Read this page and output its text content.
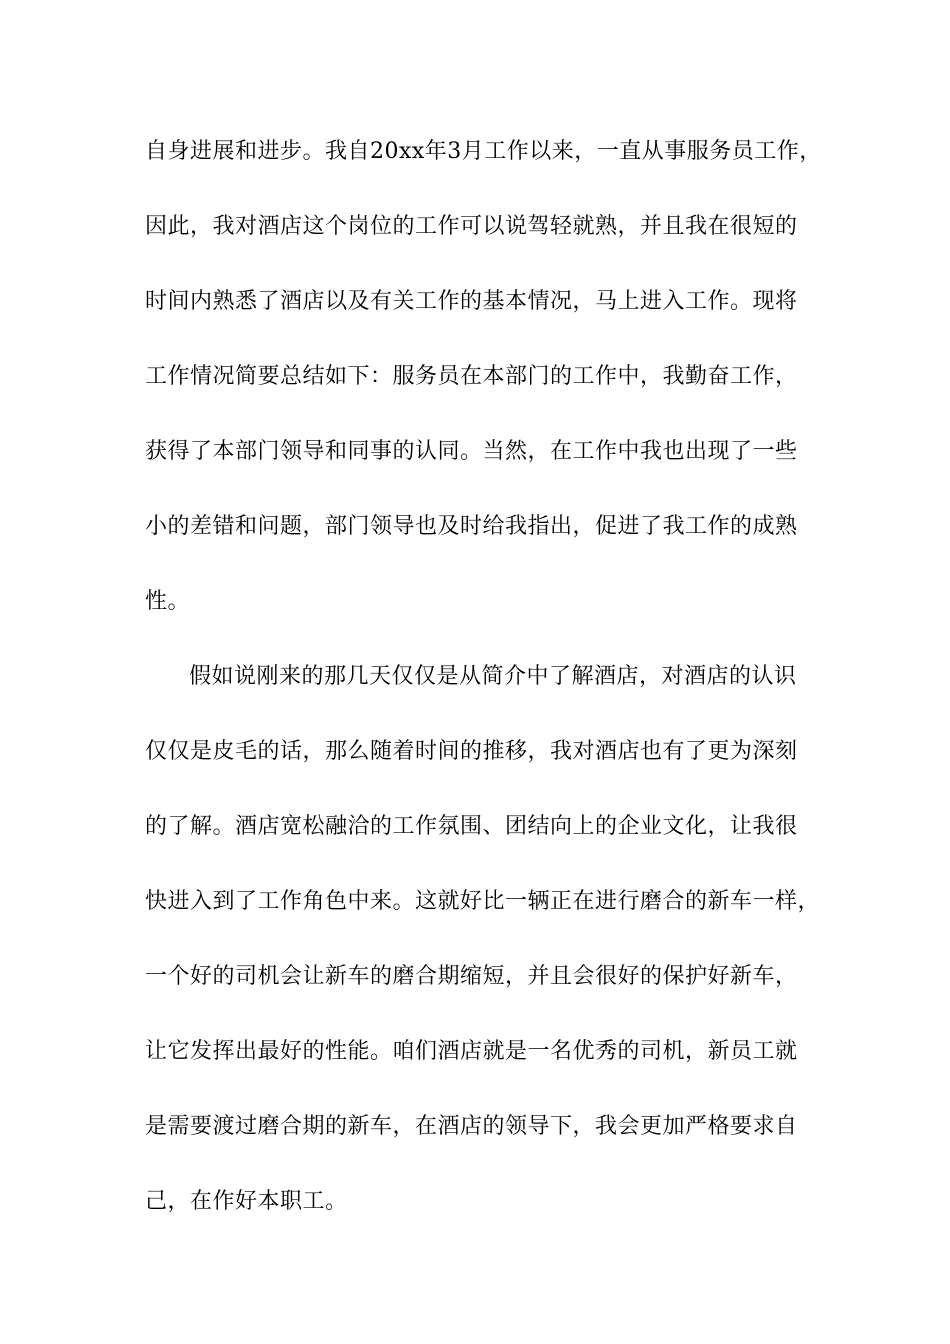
自身进展和进步。我自20xx年3月工作以来，一直从事服务员工作，
因此，我对酒店这个岗位的工作可以说驾轻就熟，并且我在很短的
时间内熟悉了酒店以及有关工作的基本情况，马上进入工作。现将
工作情况简要总结如下：服务员在本部门的工作中，我勤奋工作，
获得了本部门领导和同事的认同。当然，在工作中我也出现了一些
小的差错和问题，部门领导也及时给我指出，促进了我工作的成熟
性。
假如说刚来的那几天仅仅是从简介中了解酒店，对酒店的认识
仅仅是皮毛的话，那么随着时间的推移，我对酒店也有了更为深刻
的了解。酒店宽松融洽的工作氛围、团结向上的企业文化，让我很
快进入到了工作角色中来。这就好比一辆正在进行磨合的新车一样，
一个好的司机会让新车的磨合期缩短，并且会很好的保护好新车，
让它发挥出最好的性能。咱们酒店就是一名优秀的司机，新员工就
是需要渡过磨合期的新车，在酒店的领导下，我会更加严格要求自
己，在作好本职工。
